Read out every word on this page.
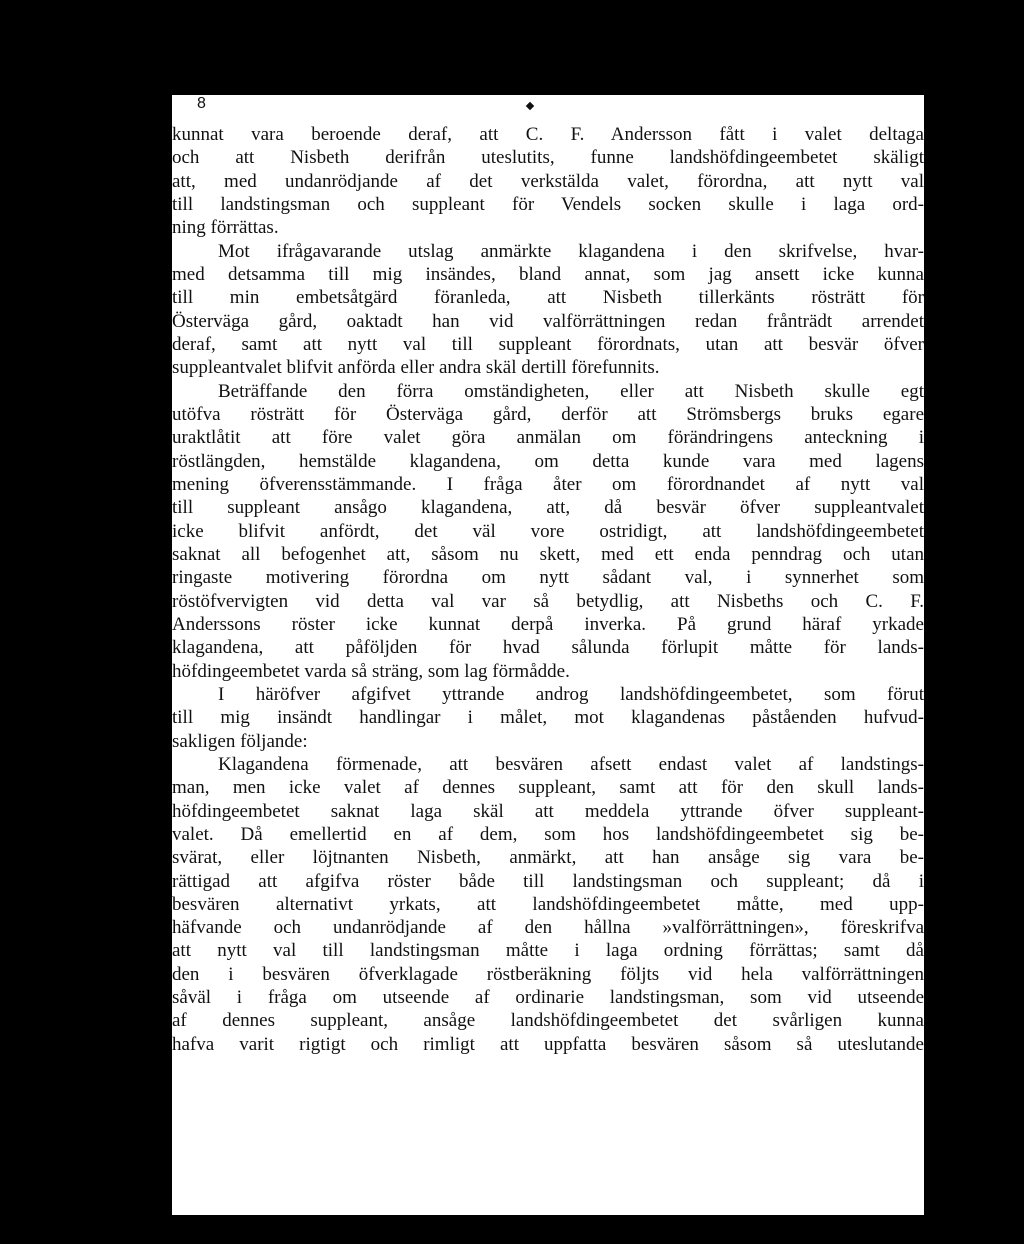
8
kunnat vara beroende deraf, att C. F. Andersson fått i valet deltaga
och att Nisbeth derifrån uteslutits, funne landshöfdingeembetet skäligt
att, med undanrödjande af det verkstälda valet, förordna, att nytt val
till landstingsman och suppleant för Vendels socken skulle i laga ord-
ning förrättas.
Mot ifrågavarande utslag anmärkte klagandena i den skrifvelse, hvar-
med detsamma till mig insändes, bland annat, som jag ansett icke kunna
till min embetsåtgärd föranleda, att Nisbeth tillerkänts rösträtt för
Österväga gård, oaktadt han vid valförrättningen redan frånträdt arrendet
deraf, samt att nytt val till suppleant förordnats, utan att besvär öfver
suppleantvalet blifvit anförda eller andra skäl dertill förefunnits.
Beträffande den förra omständigheten, eller att Nisbeth skulle egt
utöfva rösträtt för Österväga gård, derför att Strömsbergs bruks egare
uraktlåtit att före valet göra anmälan om förändringens anteckning i
röstlängden, hemstälde klagandena, om detta kunde vara med lagens
mening öfverensstämmande. I fråga åter om förordnandet af nytt val
till suppleant ansågo klagandena, att, då besvär öfver suppleantvalet
icke blifvit anfördt, det väl vore ostridigt, att landshöfdingeembetet
saknat all befogenhet att, såsom nu skett, med ett enda penndrag och utan
ringaste motivering förordna om nytt sådant val, i synnerhet som
röstöfvervigten vid detta val var så betydlig, att Nisbeths och C. F.
Anderssons röster icke kunnat derpå inverka. På grund häraf yrkade
klagandena, att påföljden för hvad sålunda förlupit måtte för lands-
höfdingeembetet varda så sträng, som lag förmådde.
I häröfver afgifvet yttrande androg landshöfdingeembetet, som förut
till mig insändt handlingar i målet, mot klagandenas påståenden hufvud-
sakligen följande:
Klagandena förmenade, att besvären afsett endast valet af landstings-
man, men icke valet af dennes suppleant, samt att för den skull lands-
höfdingeembetet saknat laga skäl att meddela yttrande öfver suppleant-
valet. Då emellertid en af dem, som hos landshöfdingeembetet sig be-
svärat, eller löjtnanten Nisbeth, anmärkt, att han ansåge sig vara be-
rättigad att afgifva röster både till landstingsman och suppleant; då i
besvären alternativt yrkats, att landshöfdingeembetet måtte, med upp-
häfvande och undanrödjande af den hållna »valförrättningen», föreskrifva
att nytt val till landstingsman måtte i laga ordning förrättas; samt då
den i besvären öfverklagade röstberäkning följts vid hela valförrättningen
såväl i fråga om utseende af ordinarie landstingsman, som vid utseende
af dennes suppleant, ansåge landshöfdingeembetet det svårligen kunna
hafva varit rigtigt och rimligt att uppfatta besvären såsom så uteslutande
